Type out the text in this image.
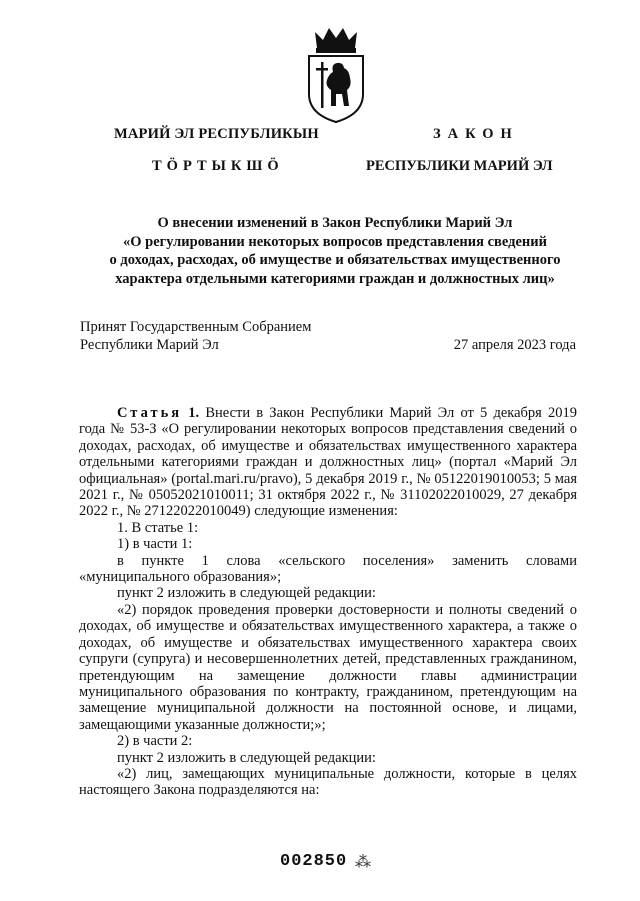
МАРИЙ ЭЛ РЕСПУБЛИКЫН	ЗАКОН
ТӦРТЫКШӦ	РЕСПУБЛИКИ МАРИЙ ЭЛ
О внесении изменений в Закон Республики Марий Эл
«О регулировании некоторых вопросов представления сведений
о доходах, расходах, об имуществе и обязательствах имущественного
характера отдельными категориями граждан и должностных лиц»
Принят Государственным Собранием
Республики Марий Эл	27 апреля 2023 года

Статья 1. Внести в Закон Республики Марий Эл от 5 декабря 2019 года № 53-З «О регулировании некоторых вопросов представления сведений о доходах, расходах, об имуществе и обязательствах имущественного характера отдельными категориями граждан и должностных лиц» (портал «Марий Эл официальная» (portal.mari.ru/pravo), 5 декабря 2019 г., № 05122019010053; 5 мая 2021 г., № 05052021010011; 31 октября 2022 г., № 31102022010029, 27 декабря 2022 г., № 27122022010049) следующие изменения:

1. В статье 1:

1) в части 1:

в пункте 1 слова «сельского поселения» заменить словами «муниципального образования»;

пункт 2 изложить в следующей редакции:

«2) порядок проведения проверки достоверности и полноты сведений о доходах, об имуществе и обязательствах имущественного характера, а также о доходах, об имуществе и обязательствах имущественного характера своих супруги (супруга) и несовершеннолетних детей, представленных гражданином, претендующим на замещение должности главы администрации муниципального образования по контракту, гражданином, претендующим на замещение муниципальной должности на постоянной основе, и лицами, замещающими указанные должности;»;

2) в части 2:

пункт 2 изложить в следующей редакции:

«2) лиц, замещающих муниципальные должности, которые в целях настоящего Закона подразделяются на:

002850 ⁂
